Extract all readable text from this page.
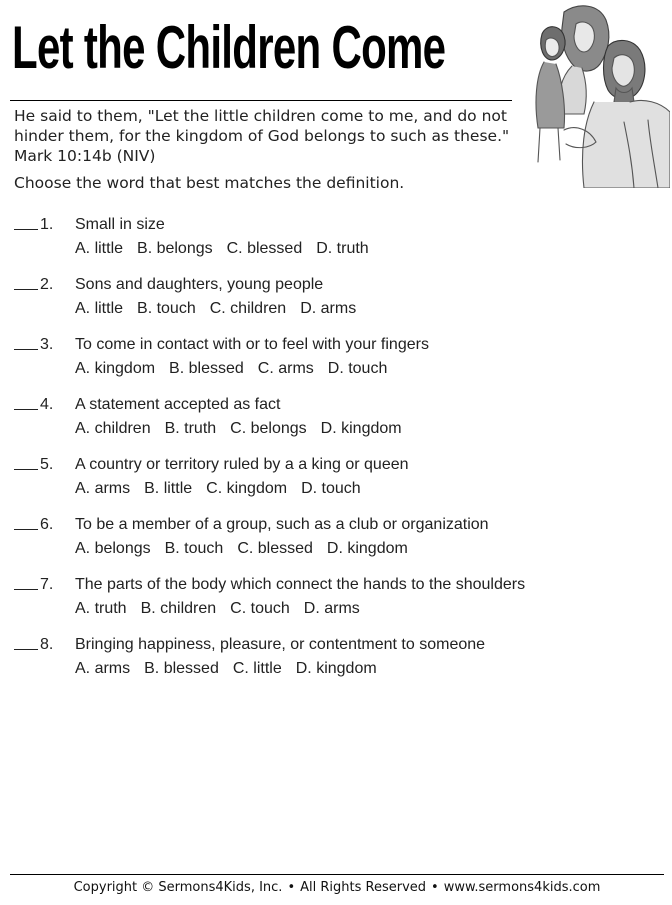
Let the Children Come

He said to them, "Let the little children come to me, and do not hinder them, for the kingdom of God belongs to such as these." Mark 10:14b (NIV)

Choose the word that best matches the definition.

1. Small in size
A. little B. belongs C. blessed D. truth
2. Sons and daughters, young people
A. little B. touch C. children D. arms
3. To come in contact with or to feel with your fingers
A. kingdom B. blessed C. arms D. touch
4. A statement accepted as fact
A. children B. truth C. belongs D. kingdom
5. A country or territory ruled by a a king or queen
A. arms B. little C. kingdom D. touch
6. To be a member of a group, such as a club or organization
A. belongs B. touch C. blessed D. kingdom
7. The parts of the body which connect the hands to the shoulders
A. truth B. children C. touch D. arms
8. Bringing happiness, pleasure, or contentment to someone
A. arms B. blessed C. little D. kingdom
Copyright © Sermons4Kids, Inc. • All Rights Reserved • www.sermons4kids.com
